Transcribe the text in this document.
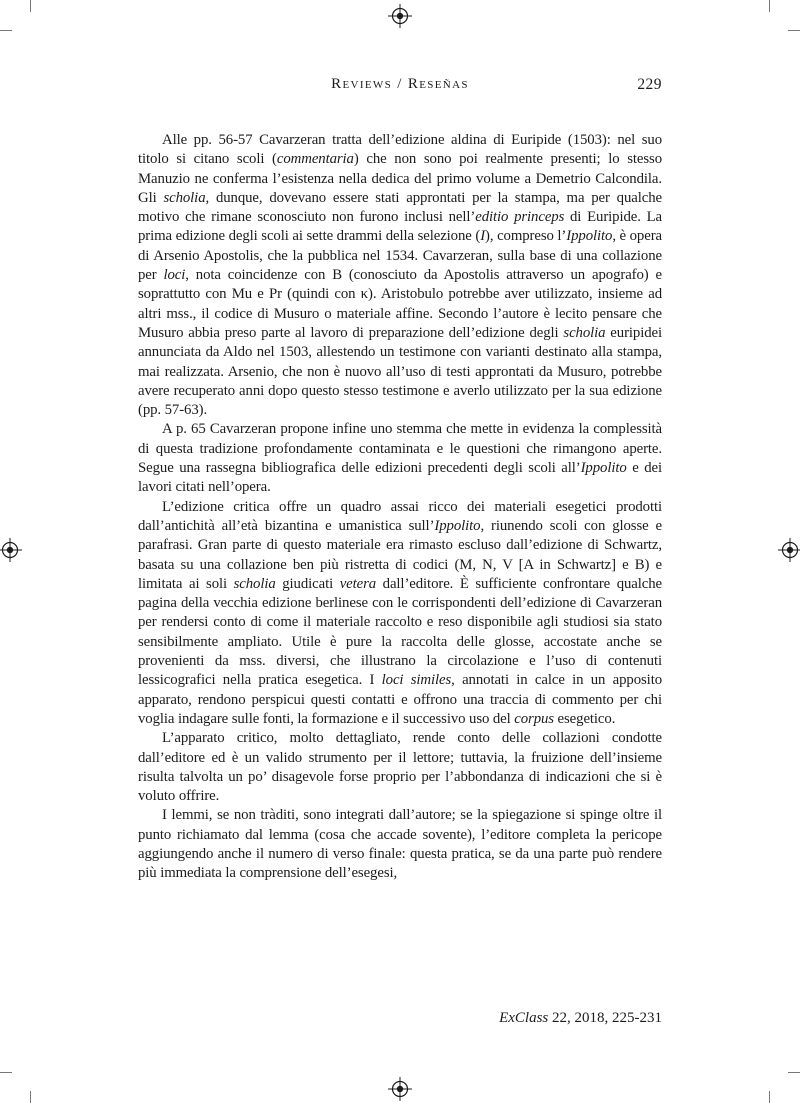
Reviews / Reseñas	229

Alle pp. 56-57 Cavarzeran tratta dell’edizione aldina di Euripide (1503): nel suo titolo si citano scoli (commentaria) che non sono poi realmente presenti; lo stesso Manuzio ne conferma l’esistenza nella dedica del primo volume a Demetrio Calcondila. Gli scholia, dunque, dovevano essere stati approntati per la stampa, ma per qualche motivo che rimane sconosciuto non furono inclusi nell’editio princeps di Euripide. La prima edizione degli scoli ai sette drammi della selezione (I), compreso l’Ippolito, è opera di Arsenio Apostolis, che la pubblica nel 1534. Cavarzeran, sulla base di una collazione per loci, nota coincidenze con B (conosciuto da Apostolis attraverso un apografo) e soprattutto con Mu e Pr (quindi con κ). Aristobulo potrebbe aver utilizzato, insieme ad altri mss., il codice di Musuro o materiale affine. Secondo l’autore è lecito pensare che Musuro abbia preso parte al lavoro di preparazione dell’edizione degli scholia euripidei annunciata da Aldo nel 1503, allestendo un testimone con varianti destinato alla stampa, mai realizzata. Arsenio, che non è nuovo all’uso di testi approntati da Musuro, potrebbe avere recuperato anni dopo questo stesso testimone e averlo utilizzato per la sua edizione (pp. 57-63).

A p. 65 Cavarzeran propone infine uno stemma che mette in evidenza la complessità di questa tradizione profondamente contaminata e le questioni che rimangono aperte. Segue una rassegna bibliografica delle edizioni precedenti degli scoli all’Ippolito e dei lavori citati nell’opera.

L’edizione critica offre un quadro assai ricco dei materiali esegetici prodotti dall’antichità all’età bizantina e umanistica sull’Ippolito, riunendo scoli con glosse e parafrasi. Gran parte di questo materiale era rimasto escluso dall’edizione di Schwartz, basata su una collazione ben più ristretta di codici (M, N, V [A in Schwartz] e B) e limitata ai soli scholia giudicati vetera dall’editore. È sufficiente confrontare qualche pagina della vecchia edizione berlinese con le corrispondenti dell’edizione di Cavarzeran per rendersi conto di come il materiale raccolto e reso disponibile agli studiosi sia stato sensibilmente ampliato. Utile è pure la raccolta delle glosse, accostate anche se provenienti da mss. diversi, che illustrano la circolazione e l’uso di contenuti lessicografici nella pratica esegetica. I loci similes, annotati in calce in un apposito apparato, rendono perspicui questi contatti e offrono una traccia di commento per chi voglia indagare sulle fonti, la formazione e il successivo uso del corpus esegetico.

L’apparato critico, molto dettagliato, rende conto delle collazioni condotte dall’editore ed è un valido strumento per il lettore; tuttavia, la fruizione dell’insieme risulta talvolta un po’ disagevole forse proprio per l’abbondanza di indicazioni che si è voluto offrire.

I lemmi, se non tràditi, sono integrati dall’autore; se la spiegazione si spinge oltre il punto richiamato dal lemma (cosa che accade sovente), l’editore completa la pericope aggiungendo anche il numero di verso finale: questa pratica, se da una parte può rendere più immediata la comprensione dell’esegesi,

ExClass 22, 2018, 225-231
